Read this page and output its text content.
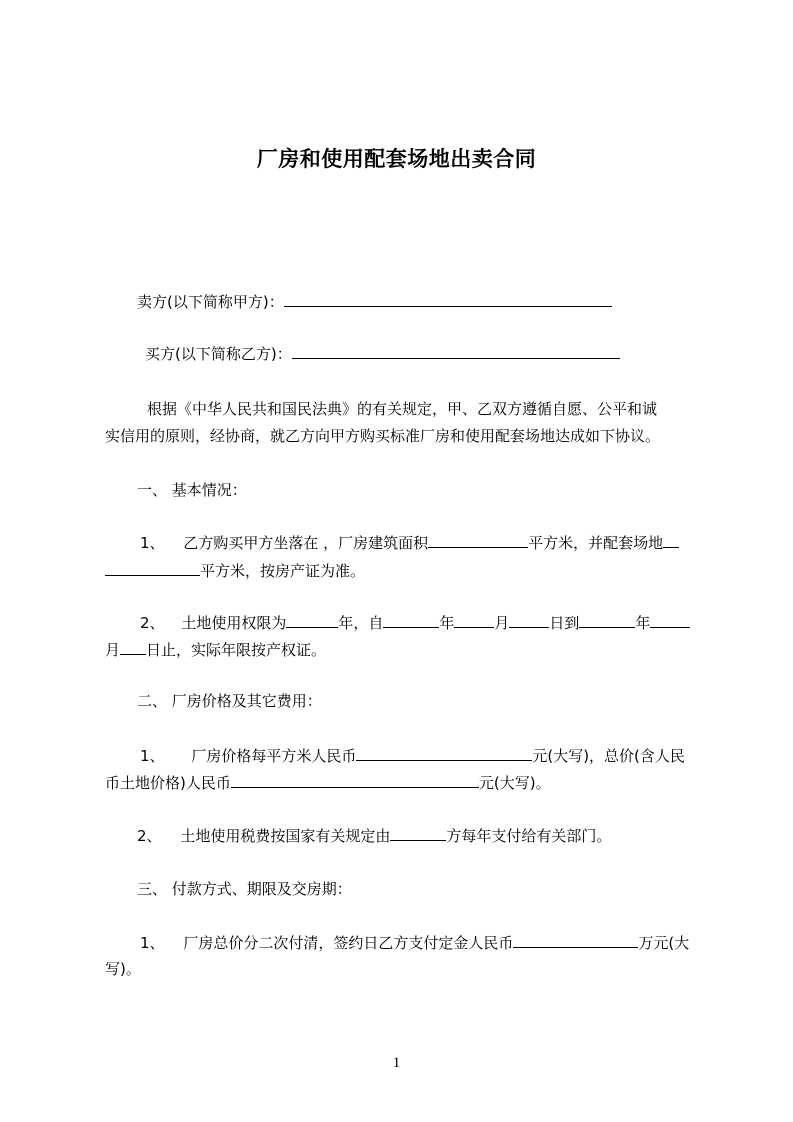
厂房和使用配套场地出卖合同
卖方(以下简称甲方)：
买方(以下简称乙方)：
根据《中华人民共和国民法典》的有关规定，甲、乙双方遵循自愿、公平和诚
实信用的原则，经协商，就乙方向甲方购买标准厂房和使用配套场地达成如下协议。
一、 基本情况：
1、 乙方购买甲方坐落在 ，厂房建筑面积	平方米，并配套场地
平方米，按房产证为准。
2、 土地使用权限为	年，自	年	月	日到	年
月 日止，实际年限按产权证。
二、 厂房价格及其它费用：
1、 厂房价格每平方米人民币	元(大写)，总价(含人民
币土地价格)人民币	元(大写)。
2、 土地使用税费按国家有关规定由	方每年支付给有关部门。
三、 付款方式、期限及交房期：
1、 厂房总价分二次付清，签约日乙方支付定金人民币	万元(大
写)。
1
